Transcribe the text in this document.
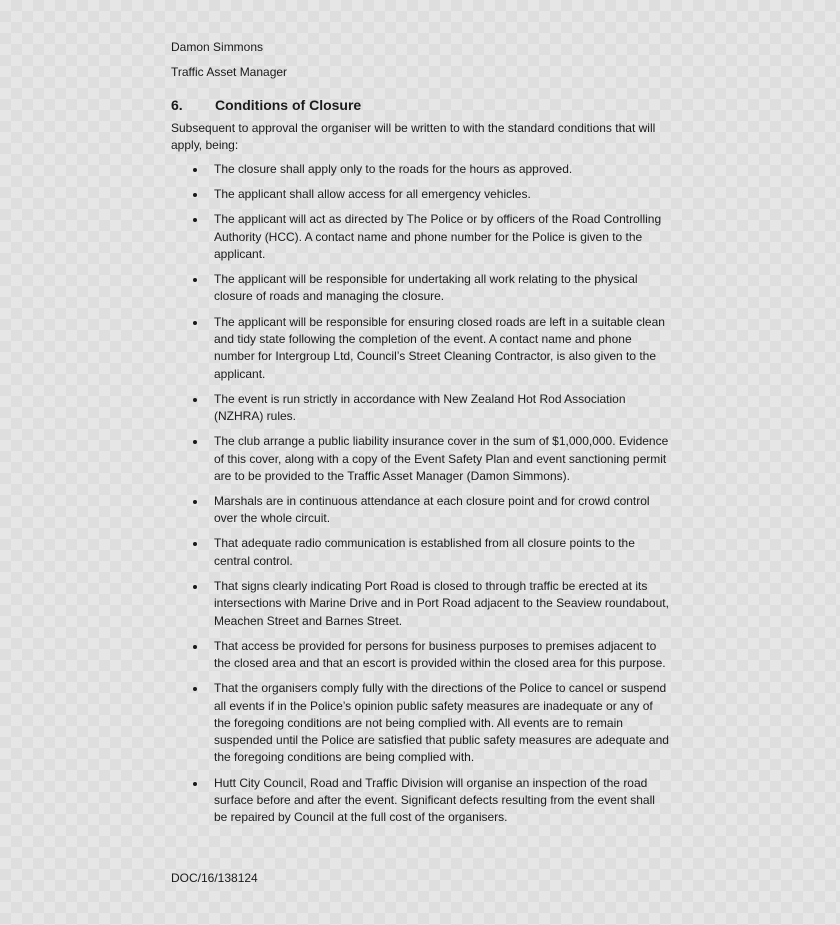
Damon Simmons

Traffic Asset Manager

6. Conditions of Closure

Subsequent to approval the organiser will be written to with the standard conditions that will apply, being:

The closure shall apply only to the roads for the hours as approved.
The applicant shall allow access for all emergency vehicles.
The applicant will act as directed by The Police or by officers of the Road Controlling Authority (HCC). A contact name and phone number for the Police is given to the applicant.
The applicant will be responsible for undertaking all work relating to the physical closure of roads and managing the closure.
The applicant will be responsible for ensuring closed roads are left in a suitable clean and tidy state following the completion of the event. A contact name and phone number for Intergroup Ltd, Council’s Street Cleaning Contractor, is also given to the applicant.
The event is run strictly in accordance with New Zealand Hot Rod Association (NZHRA) rules.
The club arrange a public liability insurance cover in the sum of $1,000,000. Evidence of this cover, along with a copy of the Event Safety Plan and event sanctioning permit are to be provided to the Traffic Asset Manager (Damon Simmons).
Marshals are in continuous attendance at each closure point and for crowd control over the whole circuit.
That adequate radio communication is established from all closure points to the central control.
That signs clearly indicating Port Road is closed to through traffic be erected at its intersections with Marine Drive and in Port Road adjacent to the Seaview roundabout, Meachen Street and Barnes Street.
That access be provided for persons for business purposes to premises adjacent to the closed area and that an escort is provided within the closed area for this purpose.
That the organisers comply fully with the directions of the Police to cancel or suspend all events if in the Police’s opinion public safety measures are inadequate or any of the foregoing conditions are not being complied with. All events are to remain suspended until the Police are satisfied that public safety measures are adequate and the foregoing conditions are being complied with.
Hutt City Council, Road and Traffic Division will organise an inspection of the road surface before and after the event. Significant defects resulting from the event shall be repaired by Council at the full cost of the organisers.

DOC/16/138124
